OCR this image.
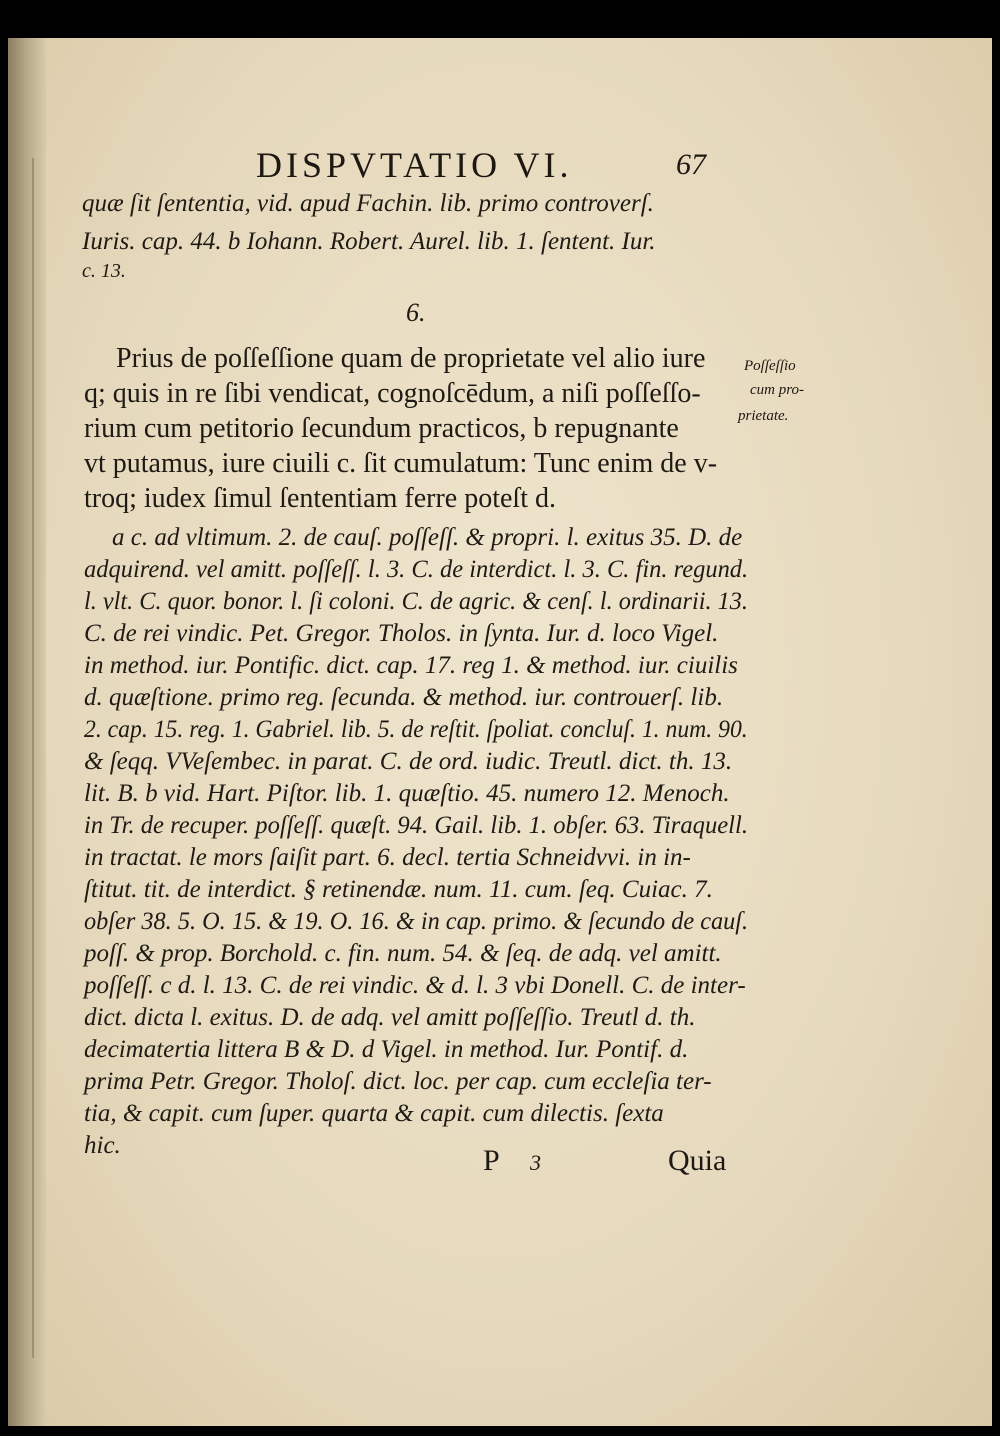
DISPVTATIO VI.	67
quæ ſit ſententia, vid. apud Fachin. lib. primo controverſ.
Iuris. cap. 44. b Iohann. Robert. Aurel. lib. 1. ſentent. Iur.
c. 13.
6.
Prius de poſſeſſione quam de proprietate vel alio iure
q; quis in re ſibi vendicat, cognoſcēdum, a niſi poſſeſſo-
rium cum petitorio ſecundum practicos, b repugnante
vt putamus, iure ciuili c. ſit cumulatum: Tunc enim de v-
troq; iudex ſimul ſententiam ferre poteſt d.
Poſſeſſio
cum pro-
prietate.
a c. ad vltimum. 2. de cauſ. poſſeſſ. & propri. l. exitus 35. D. de
adquirend. vel amitt. poſſeſſ. l. 3. C. de interdict. l. 3. C. fin. regund.
l. vlt. C. quor. bonor. l. ſi coloni. C. de agric. & cenſ. l. ordinarii. 13.
C. de rei vindic. Pet. Gregor. Tholos. in ſynta. Iur. d. loco Vigel.
in method. iur. Pontific. dict. cap. 17. reg 1. & method. iur. ciuilis
d. quæſtione. primo reg. ſecunda. & method. iur. controuerſ. lib.
2. cap. 15. reg. 1. Gabriel. lib. 5. de reſtit. ſpoliat. concluſ. 1. num. 90.
& ſeqq. VVeſembec. in parat. C. de ord. iudic. Treutl. dict. th. 13.
lit. B. b vid. Hart. Piſtor. lib. 1. quæſtio. 45. numero 12. Menoch.
in Tr. de recuper. poſſeſſ. quæſt. 94. Gail. lib. 1. obſer. 63. Tiraquell.
in tractat. le mors ſaiſit part. 6. decl. tertia Schneidvvi. in in-
ſtitut. tit. de interdict. § retinendæ. num. 11. cum. ſeq. Cuiac. 7.
obſer 38. 5. O. 15. & 19. O. 16. & in cap. primo. & ſecundo de cauſ.
poſſ. & prop. Borchold. c. fin. num. 54. & ſeq. de adq. vel amitt.
poſſeſſ. c d. l. 13. C. de rei vindic. & d. l. 3 vbi Donell. C. de inter-
dict. dicta l. exitus. D. de adq. vel amitt poſſeſſio. Treutl d. th.
decimatertia littera B & D. d Vigel. in method. Iur. Pontif. d.
prima Petr. Gregor. Tholoſ. dict. loc. per cap. cum eccleſia ter-
tia, & capit. cum ſuper. quarta & capit. cum dilectis. ſexta
hic.	P 3	Quia
